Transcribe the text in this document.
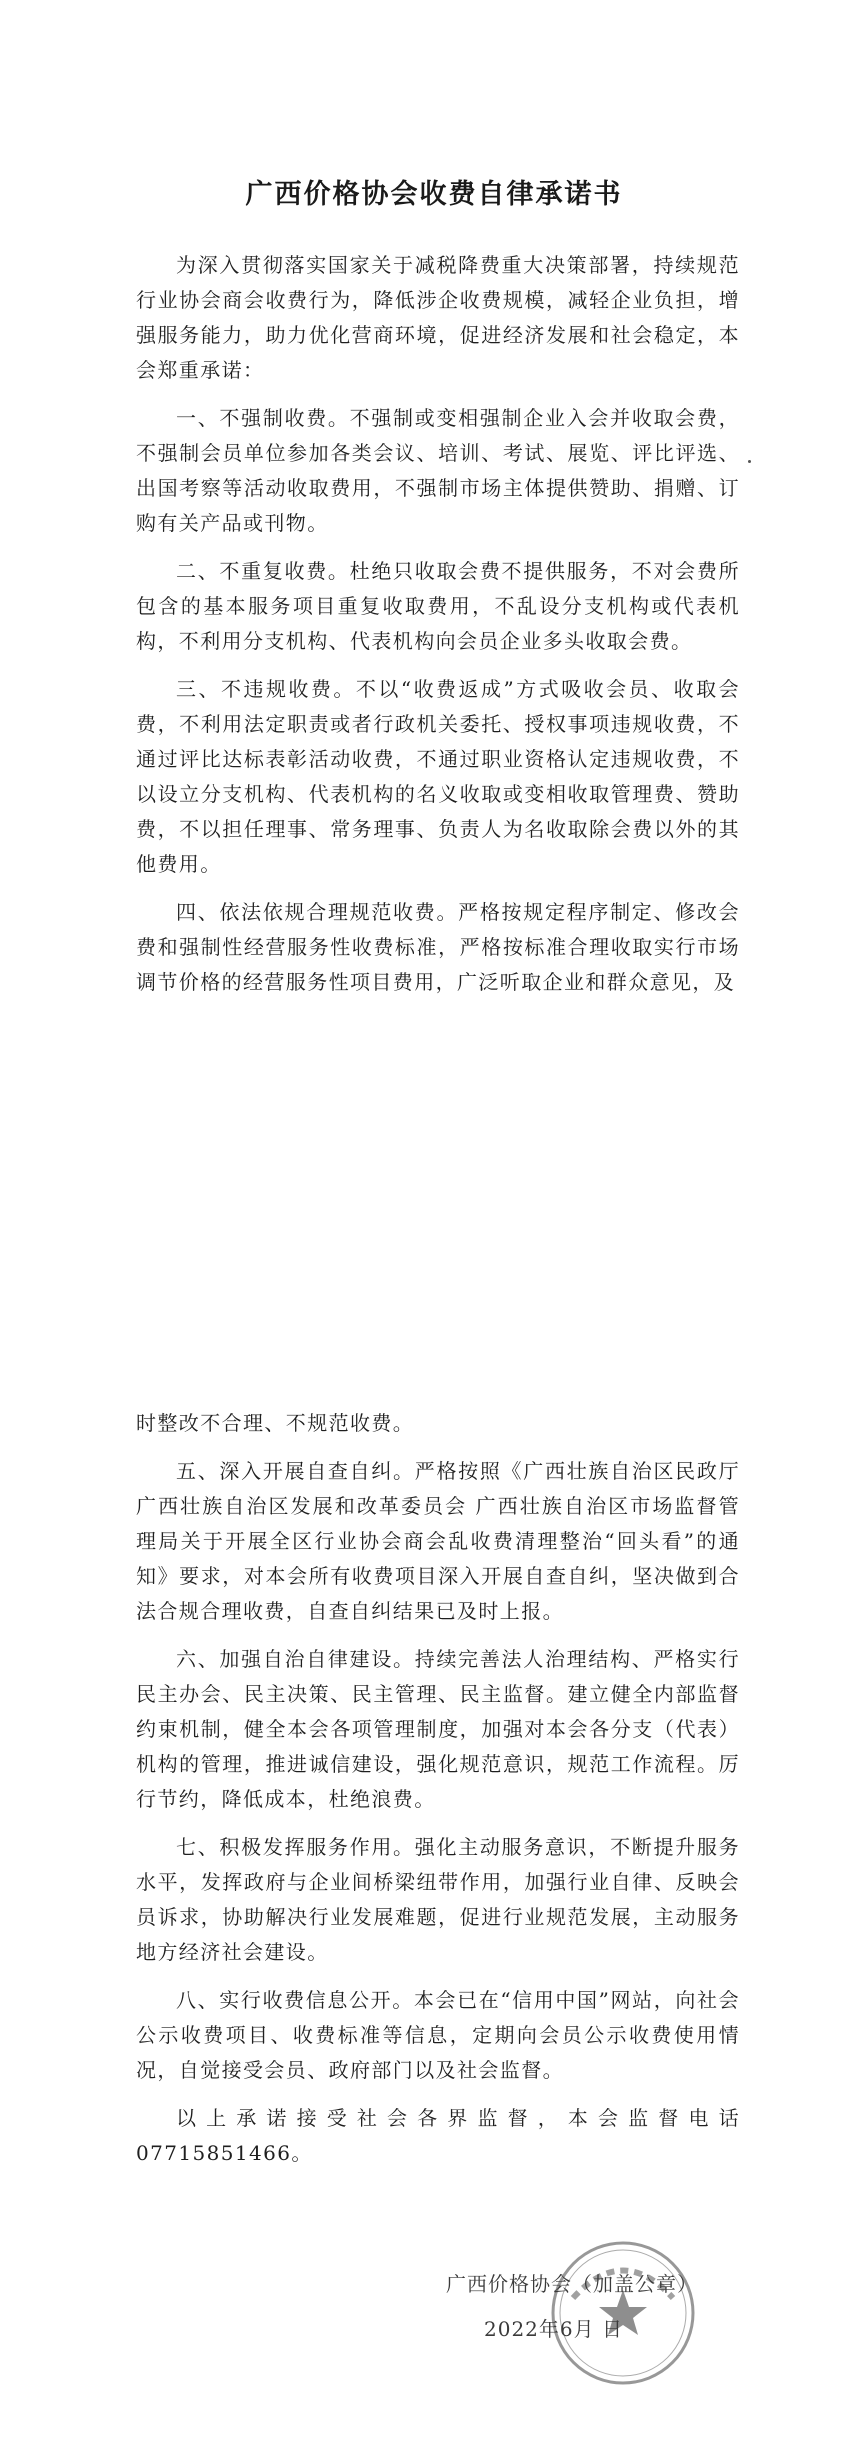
广西价格协会收费自律承诺书

为深入贯彻落实国家关于减税降费重大决策部署，持续规范行业协会商会收费行为，降低涉企收费规模，减轻企业负担，增强服务能力，助力优化营商环境，促进经济发展和社会稳定，本会郑重承诺：

一、不强制收费。不强制或变相强制企业入会并收取会费，不强制会员单位参加各类会议、培训、考试、展览、评比评选、出国考察等活动收取费用，不强制市场主体提供赞助、捐赠、订购有关产品或刊物。

二、不重复收费。杜绝只收取会费不提供服务，不对会费所包含的基本服务项目重复收取费用，不乱设分支机构或代表机构，不利用分支机构、代表机构向会员企业多头收取会费。

三、不违规收费。不以“收费返成”方式吸收会员、收取会费，不利用法定职责或者行政机关委托、授权事项违规收费，不通过评比达标表彰活动收费，不通过职业资格认定违规收费，不以设立分支机构、代表机构的名义收取或变相收取管理费、赞助费，不以担任理事、常务理事、负责人为名收取除会费以外的其他费用。

四、依法依规合理规范收费。严格按规定程序制定、修改会费和强制性经营服务性收费标准，严格按标准合理收取实行市场调节价格的经营服务性项目费用，广泛听取企业和群众意见，及

时整改不合理、不规范收费。

五、深入开展自查自纠。严格按照《广西壮族自治区民政厅 广西壮族自治区发展和改革委员会 广西壮族自治区市场监督管理局关于开展全区行业协会商会乱收费清理整治“回头看”的通知》要求，对本会所有收费项目深入开展自查自纠，坚决做到合法合规合理收费，自查自纠结果已及时上报。

六、加强自治自律建设。持续完善法人治理结构、严格实行民主办会、民主决策、民主管理、民主监督。建立健全内部监督约束机制，健全本会各项管理制度，加强对本会各分支（代表）机构的管理，推进诚信建设，强化规范意识，规范工作流程。厉行节约，降低成本，杜绝浪费。

七、积极发挥服务作用。强化主动服务意识，不断提升服务水平，发挥政府与企业间桥梁纽带作用，加强行业自律、反映会员诉求，协助解决行业发展难题，促进行业规范发展，主动服务地方经济社会建设。

八、实行收费信息公开。本会已在“信用中国”网站，向社会公示收费项目、收费标准等信息，定期向会员公示收费使用情况，自觉接受会员、政府部门以及社会监督。

以上承诺接受社会各界监督，本会监督电话07715851466。

广西价格协会（加盖公章）
2022年6月 日
